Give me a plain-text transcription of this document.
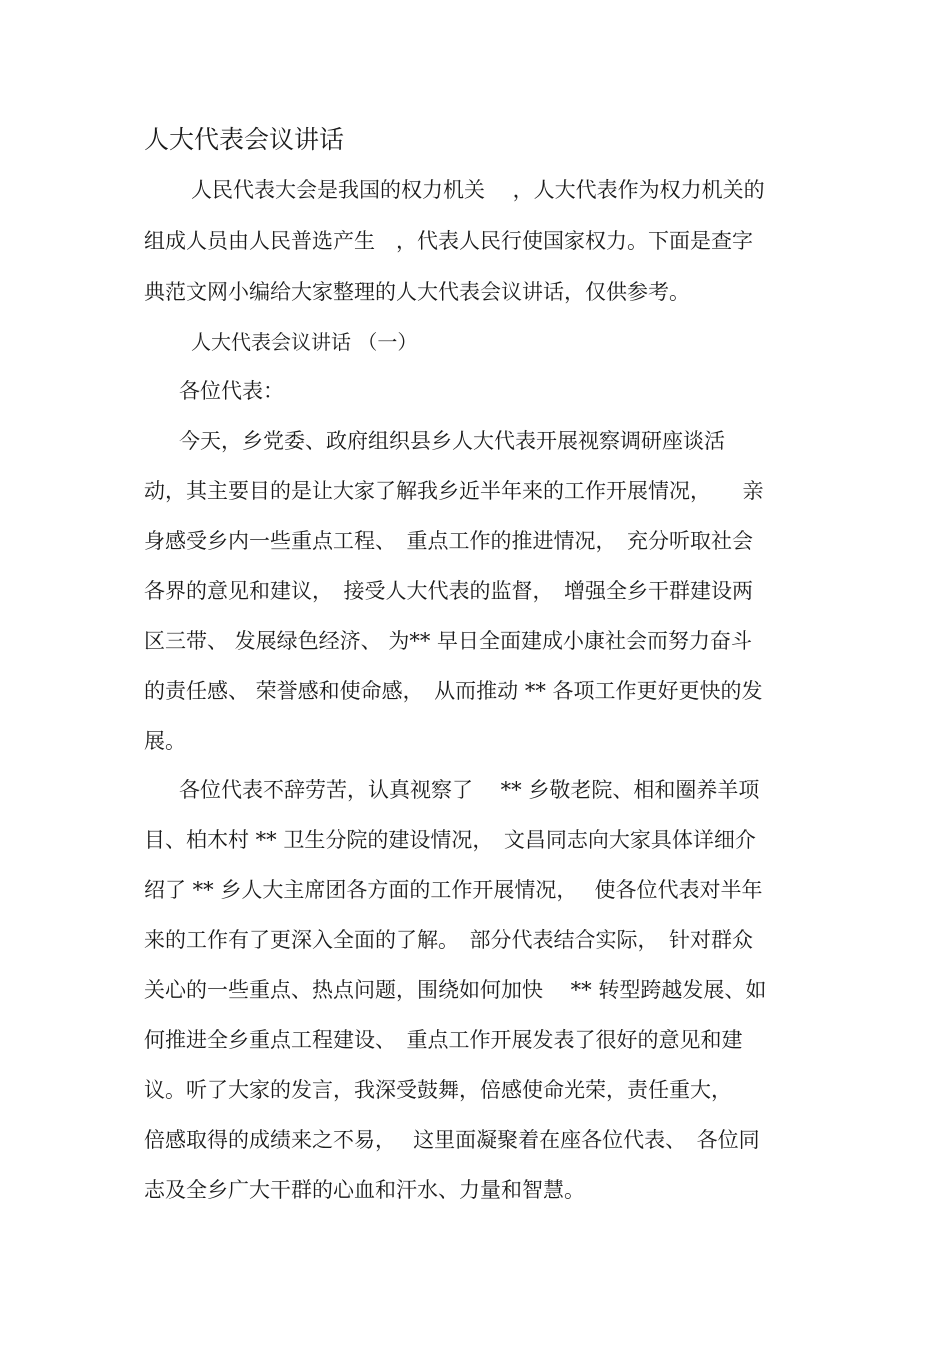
人大代表会议讲话
人民代表大会是我国的权力机关　 ，人大代表作为权力机关的
组成人员由人民普选产生　，代表人民行使国家权力。下面是查字
典范文网小编给大家整理的人大代表会议讲话，仅供参考。
人大代表会议讲话 （一）
各位代表：
今天，乡党委、政府组织县乡人大代表开展视察调研座谈活
动，其主要目的是让大家了解我乡近半年来的工作开展情况，　　亲
身感受乡内一些重点工程、　重点工作的推进情况，　充分听取社会
各界的意见和建议，　接受人大代表的监督，　增强全乡干群建设两
区三带、 发展绿色经济、 为** 早日全面建成小康社会而努力奋斗
的责任感、 荣誉感和使命感，　从而推动 ** 各项工作更好更快的发
展。
各位代表不辞劳苦，认真视察了　 ** 乡敬老院、相和圈养羊项
目、柏木村 ** 卫生分院的建设情况，　文昌同志向大家具体详细介
绍了 ** 乡人大主席团各方面的工作开展情况，　 使各位代表对半年
来的工作有了更深入全面的了解。　部分代表结合实际，　针对群众
关心的一些重点、热点问题，围绕如何加快　 ** 转型跨越发展、如
何推进全乡重点工程建设、　重点工作开展发表了很好的意见和建
议。听了大家的发言，我深受鼓舞，倍感使命光荣，责任重大，
倍感取得的成绩来之不易，　 这里面凝聚着在座各位代表、　各位同
志及全乡广大干群的心血和汗水、力量和智慧。
